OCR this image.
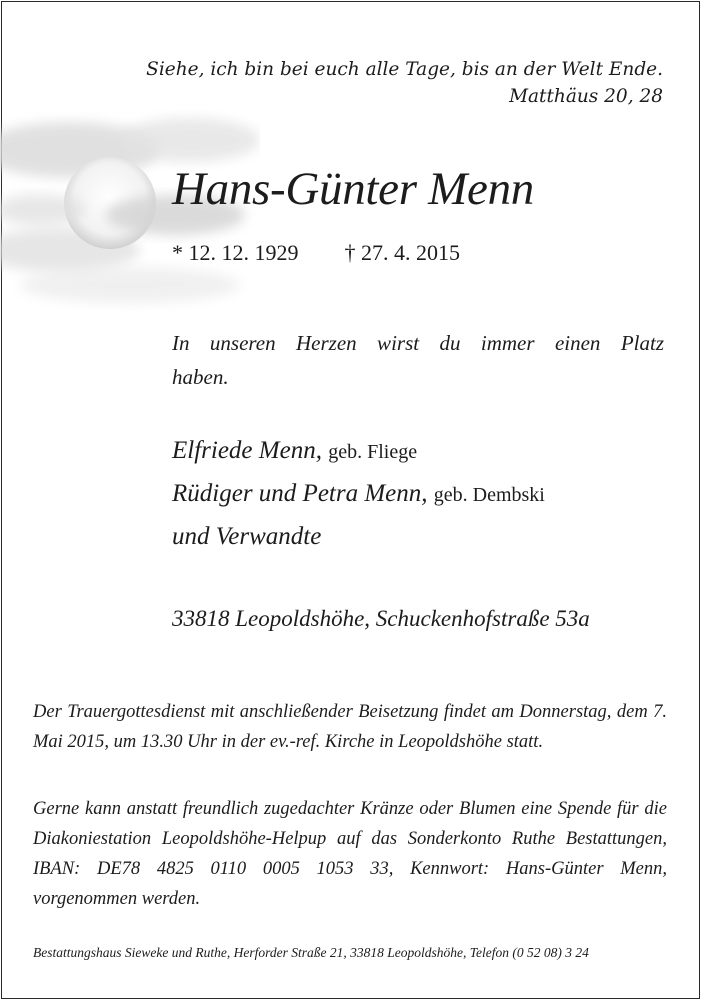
Siehe, ich bin bei euch alle Tage, bis an der Welt Ende.
Matthäus 20, 28
Hans-Günter Menn
* 12. 12. 1929 † 27. 4. 2015
In unseren Herzen wirst du immer einen Platz haben.
Elfriede Menn, geb. Fliege
Rüdiger und Petra Menn, geb. Dembski
und Verwandte
33818 Leopoldshöhe, Schuckenhofstraße 53a
Der Trauergottesdienst mit anschließender Beisetzung findet am Donnerstag, dem 7. Mai 2015, um 13.30 Uhr in der ev.-ref. Kirche in Leopoldshöhe statt.
Gerne kann anstatt freundlich zugedachter Kränze oder Blumen eine Spende für die Diakoniestation Leopoldshöhe-Helpup auf das Sonderkonto Ruthe Bestattungen, IBAN: DE78 4825 0110 0005 1053 33, Kennwort: Hans-Günter Menn, vorgenommen werden.
Bestattungshaus Sieweke und Ruthe, Herforder Straße 21, 33818 Leopoldshöhe, Telefon (0 52 08) 3 24
